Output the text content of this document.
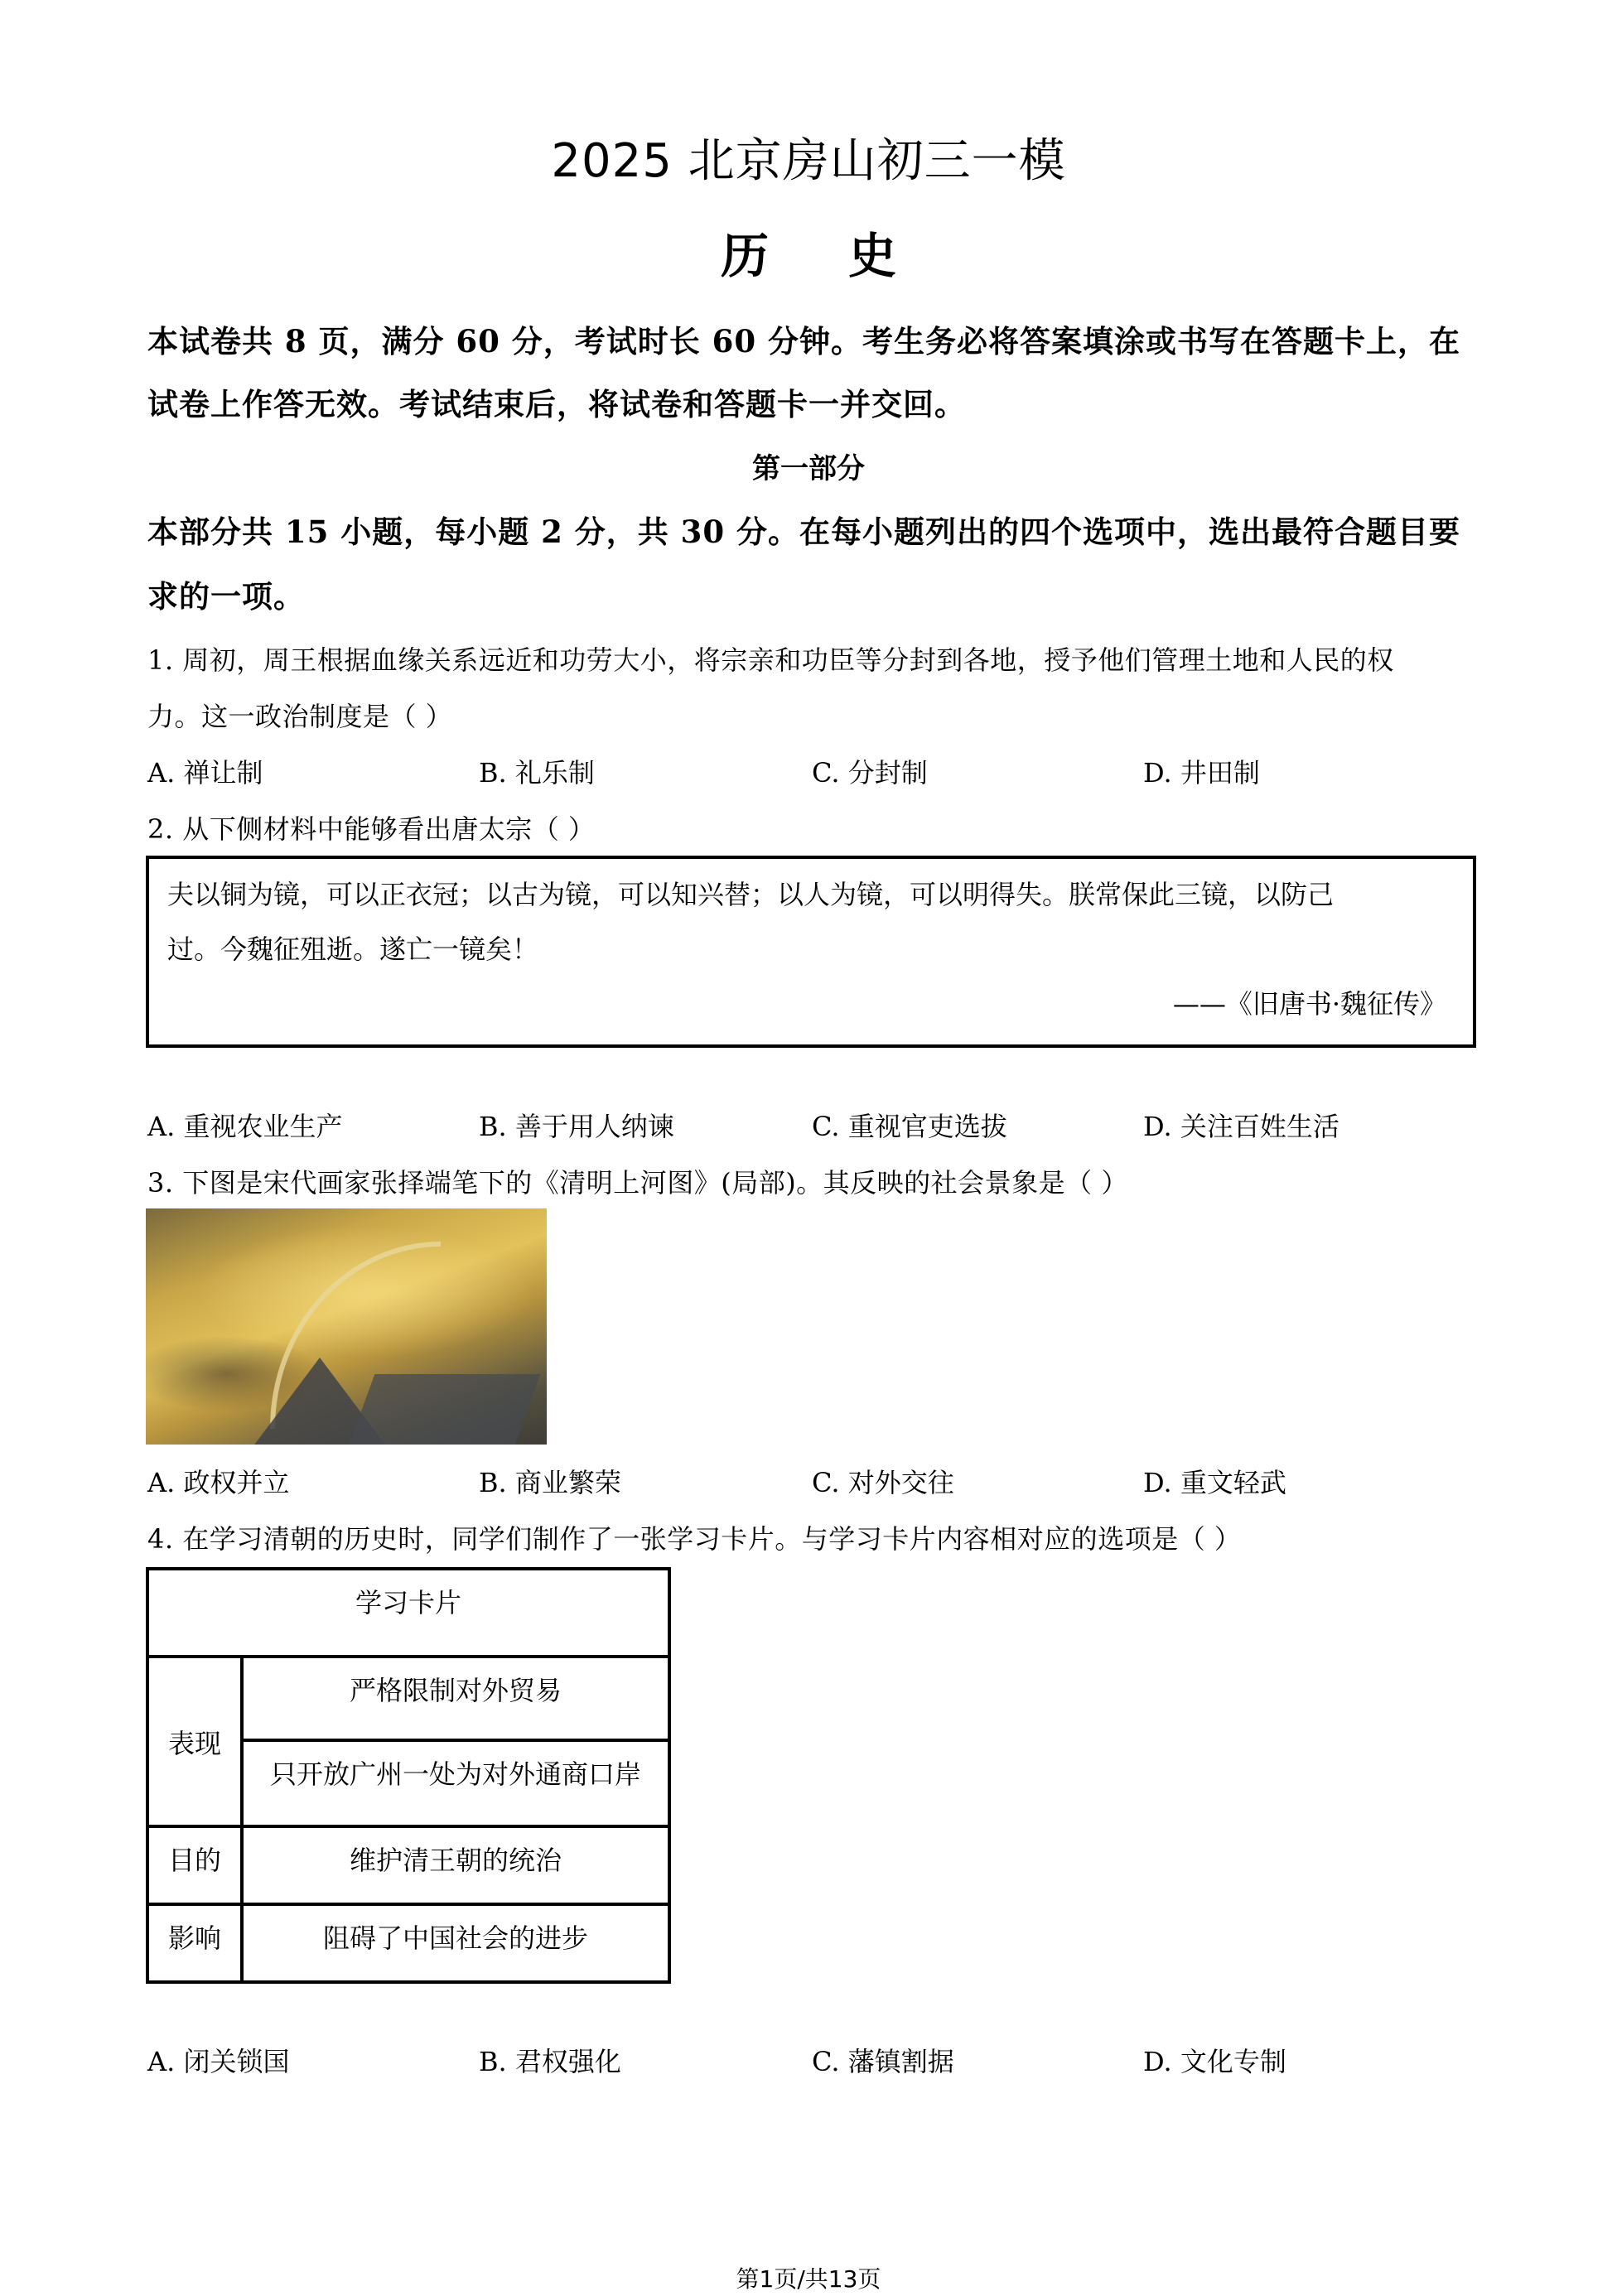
2025 北京房山初三一模
历史
本试卷共 8 页，满分 60 分，考试时长 60 分钟。考生务必将答案填涂或书写在答题卡上，在
试卷上作答无效。考试结束后，将试卷和答题卡一并交回。
第一部分
本部分共 15 小题，每小题 2 分，共 30 分。在每小题列出的四个选项中，选出最符合题目要
求的一项。
1. 周初，周王根据血缘关系远近和功劳大小，将宗亲和功臣等分封到各地，授予他们管理土地和人民的权
力。这一政治制度是（ ）
A. 禅让制	B. 礼乐制	C. 分封制	D. 井田制
2. 从下侧材料中能够看出唐太宗（ ）
夫以铜为镜，可以正衣冠；以古为镜，可以知兴替；以人为镜，可以明得失。朕常保此三镜，以防己
过。今魏征殂逝。遂亡一镜矣！
——《旧唐书·魏征传》
A. 重视农业生产	B. 善于用人纳谏	C. 重视官吏选拔	D. 关注百姓生活
3. 下图是宋代画家张择端笔下的《清明上河图》(局部)。其反映的社会景象是（ ）
A. 政权并立	B. 商业繁荣	C. 对外交往	D. 重文轻武
4. 在学习清朝的历史时，同学们制作了一张学习卡片。与学习卡片内容相对应的选项是（ ）
学习卡片	
表现	严格限制对外贸易
	只开放广州一处为对外通商口岸
目的	维护清王朝的统治
影响	阻碍了中国社会的进步
A. 闭关锁国	B. 君权强化	C. 藩镇割据	D. 文化专制
第1页/共13页
